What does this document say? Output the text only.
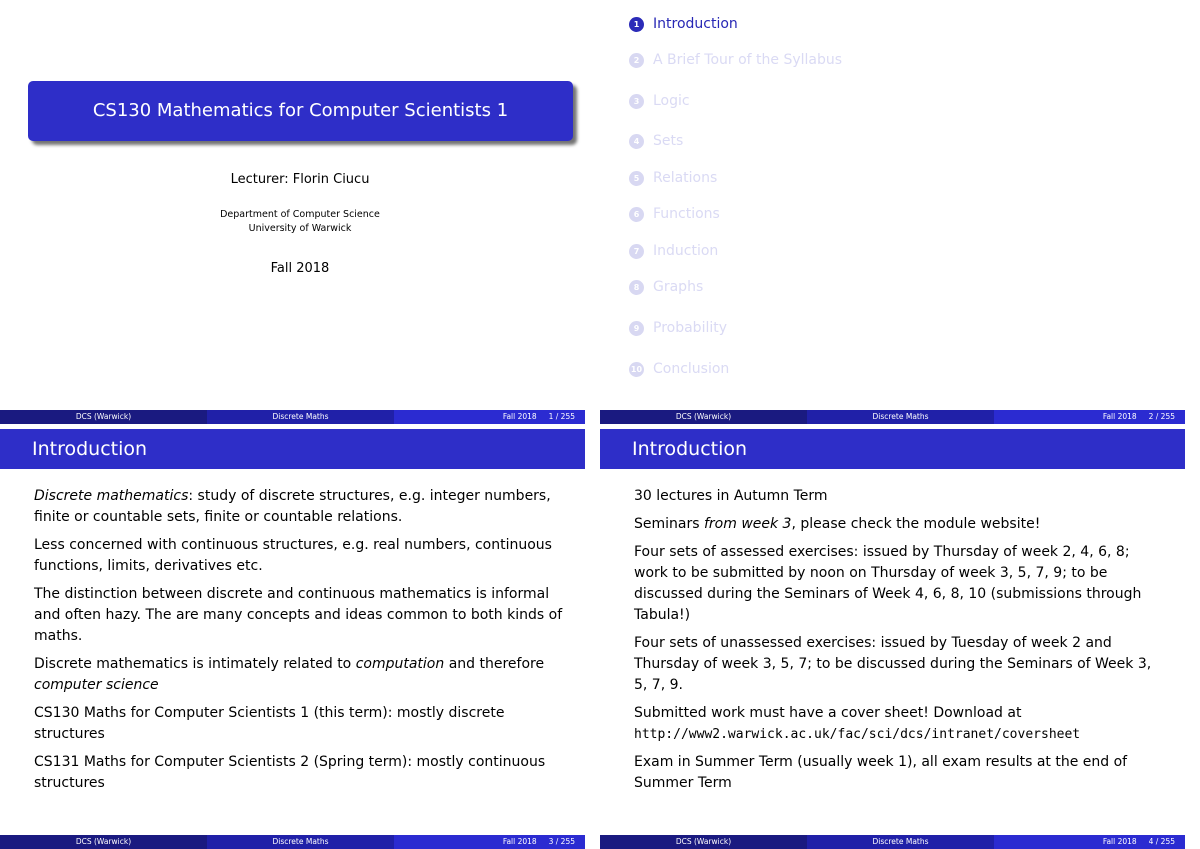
CS130 Mathematics for Computer Scientists 1
Lecturer: Florin Ciucu
Department of Computer Science
University of Warwick
Fall 2018
DCS (Warwick)	Discrete Maths	Fall 2018 1 / 255
1 Introduction
2 A Brief Tour of the Syllabus
3 Logic
4 Sets
5 Relations
6 Functions
7 Induction
8 Graphs
9 Probability
10 Conclusion
DCS (Warwick)	Discrete Maths	Fall 2018 2 / 255
Introduction

Discrete mathematics: study of discrete structures, e.g. integer numbers, finite or countable sets, finite or countable relations.

Less concerned with continuous structures, e.g. real numbers, continuous functions, limits, derivatives etc.

The distinction between discrete and continuous mathematics is informal and often hazy. The are many concepts and ideas common to both kinds of maths.

Discrete mathematics is intimately related to computation and therefore
computer science

CS130 Maths for Computer Scientists 1 (this term): mostly discrete structures

CS131 Maths for Computer Scientists 2 (Spring term): mostly continuous structures

DCS (Warwick)	Discrete Maths	Fall 2018 3 / 255
Introduction

30 lectures in Autumn Term

Seminars from week 3, please check the module website!

Four sets of assessed exercises: issued by Thursday of week 2, 4, 6, 8; work to be submitted by noon on Thursday of week 3, 5, 7, 9; to be discussed during the Seminars of Week 4, 6, 8, 10 (submissions through Tabula!)

Four sets of unassessed exercises: issued by Tuesday of week 2 and Thursday of week 3, 5, 7; to be discussed during the Seminars of Week 3, 5, 7, 9.

Submitted work must have a cover sheet! Download at
http://www2.warwick.ac.uk/fac/sci/dcs/intranet/coversheet

Exam in Summer Term (usually week 1), all exam results at the end of Summer Term

DCS (Warwick)	Discrete Maths	Fall 2018 4 / 255
